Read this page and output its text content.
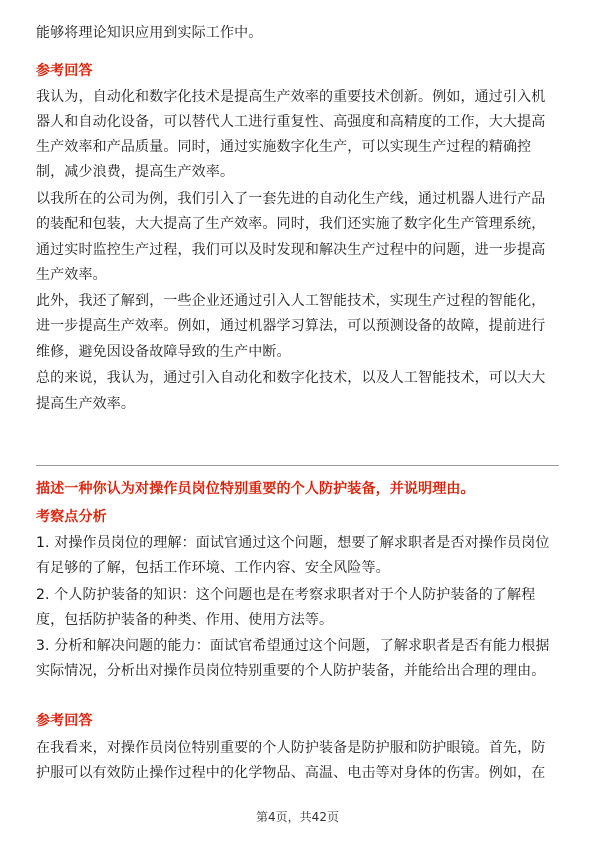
能够将理论知识应用到实际工作中。
参考回答
我认为，自动化和数字化技术是提高生产效率的重要技术创新。例如，通过引入机
器人和自动化设备，可以替代人工进行重复性、高强度和高精度的工作，大大提高
生产效率和产品质量。同时，通过实施数字化生产，可以实现生产过程的精确控
制，减少浪费，提高生产效率。
以我所在的公司为例，我们引入了一套先进的自动化生产线，通过机器人进行产品
的装配和包装，大大提高了生产效率。同时，我们还实施了数字化生产管理系统，
通过实时监控生产过程，我们可以及时发现和解决生产过程中的问题，进一步提高
生产效率。
此外，我还了解到，一些企业还通过引入人工智能技术，实现生产过程的智能化，
进一步提高生产效率。例如，通过机器学习算法，可以预测设备的故障，提前进行
维修，避免因设备故障导致的生产中断。
总的来说，我认为，通过引入自动化和数字化技术，以及人工智能技术，可以大大
提高生产效率。
描述一种你认为对操作员岗位特别重要的个人防护装备，并说明理由。
考察点分析
1. 对操作员岗位的理解：面试官通过这个问题，想要了解求职者是否对操作员岗位
有足够的了解，包括工作环境、工作内容、安全风险等。
2. 个人防护装备的知识：这个问题也是在考察求职者对于个人防护装备的了解程
度，包括防护装备的种类、作用、使用方法等。
3. 分析和解决问题的能力：面试官希望通过这个问题，了解求职者是否有能力根据
实际情况，分析出对操作员岗位特别重要的个人防护装备，并能给出合理的理由。
参考回答
在我看来，对操作员岗位特别重要的个人防护装备是防护服和防护眼镜。首先，防
护服可以有效防止操作过程中的化学物品、高温、电击等对身体的伤害。例如，在
第4页，共42页
